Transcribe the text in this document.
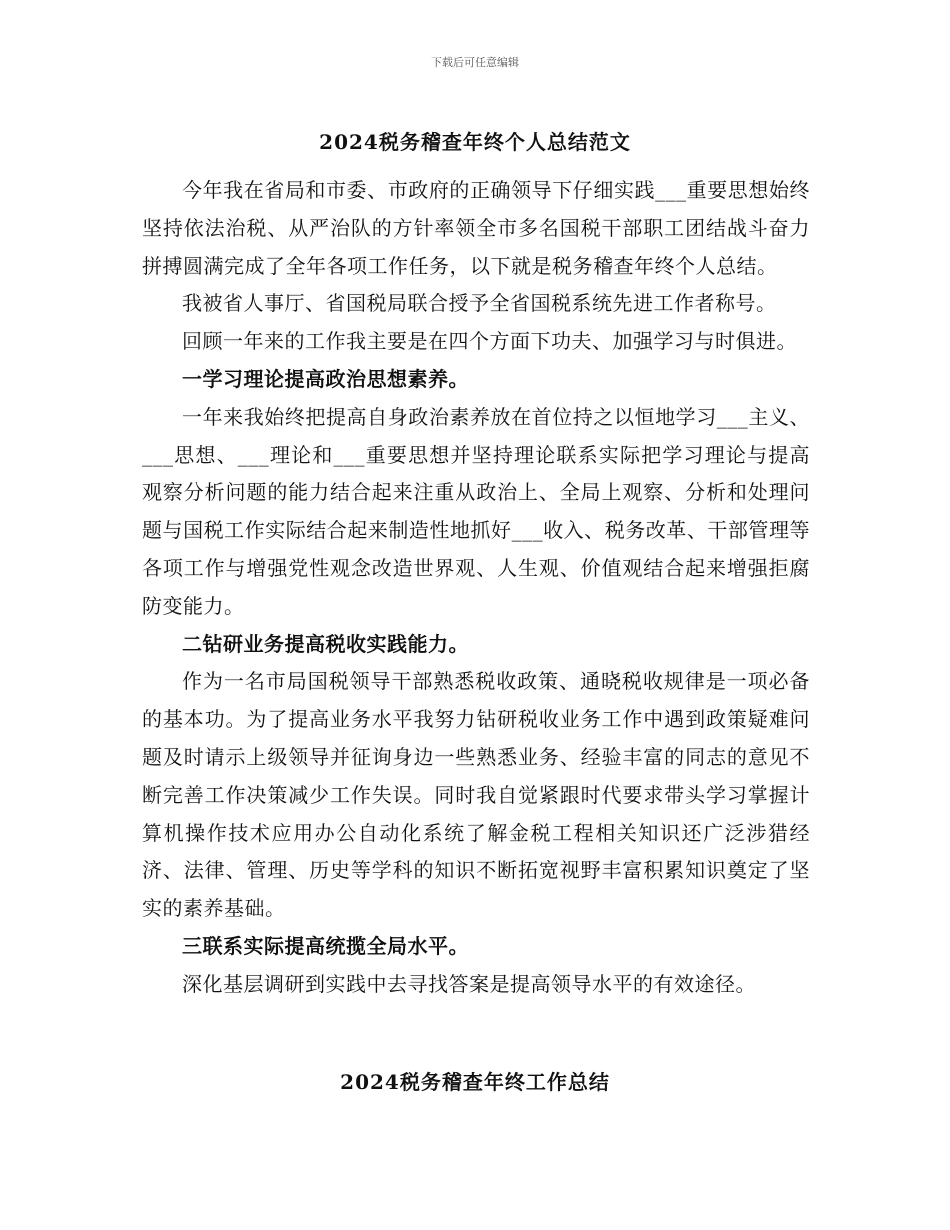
下载后可任意编辑
2024税务稽查年终个人总结范文

今年我在省局和市委、市政府的正确领导下仔细实践___重要思想始终坚持依法治税、从严治队的方针率领全市多名国税干部职工团结战斗奋力拼搏圆满完成了全年各项工作任务，以下就是税务稽查年终个人总结。

我被省人事厅、省国税局联合授予全省国税系统先进工作者称号。

回顾一年来的工作我主要是在四个方面下功夫、加强学习与时俱进。

一学习理论提高政治思想素养。

一年来我始终把提高自身政治素养放在首位持之以恒地学习___主义、___思想、___理论和___重要思想并坚持理论联系实际把学习理论与提高观察分析问题的能力结合起来注重从政治上、全局上观察、分析和处理问题与国税工作实际结合起来制造性地抓好___收入、税务改革、干部管理等各项工作与增强党性观念改造世界观、人生观、价值观结合起来增强拒腐防变能力。

二钻研业务提高税收实践能力。

作为一名市局国税领导干部熟悉税收政策、通晓税收规律是一项必备的基本功。为了提高业务水平我努力钻研税收业务工作中遇到政策疑难问题及时请示上级领导并征询身边一些熟悉业务、经验丰富的同志的意见不断完善工作决策减少工作失误。同时我自觉紧跟时代要求带头学习掌握计算机操作技术应用办公自动化系统了解金税工程相关知识还广泛涉猎经济、法律、管理、历史等学科的知识不断拓宽视野丰富积累知识奠定了坚实的素养基础。

三联系实际提高统揽全局水平。

深化基层调研到实践中去寻找答案是提高领导水平的有效途径。

2024税务稽查年终工作总结
